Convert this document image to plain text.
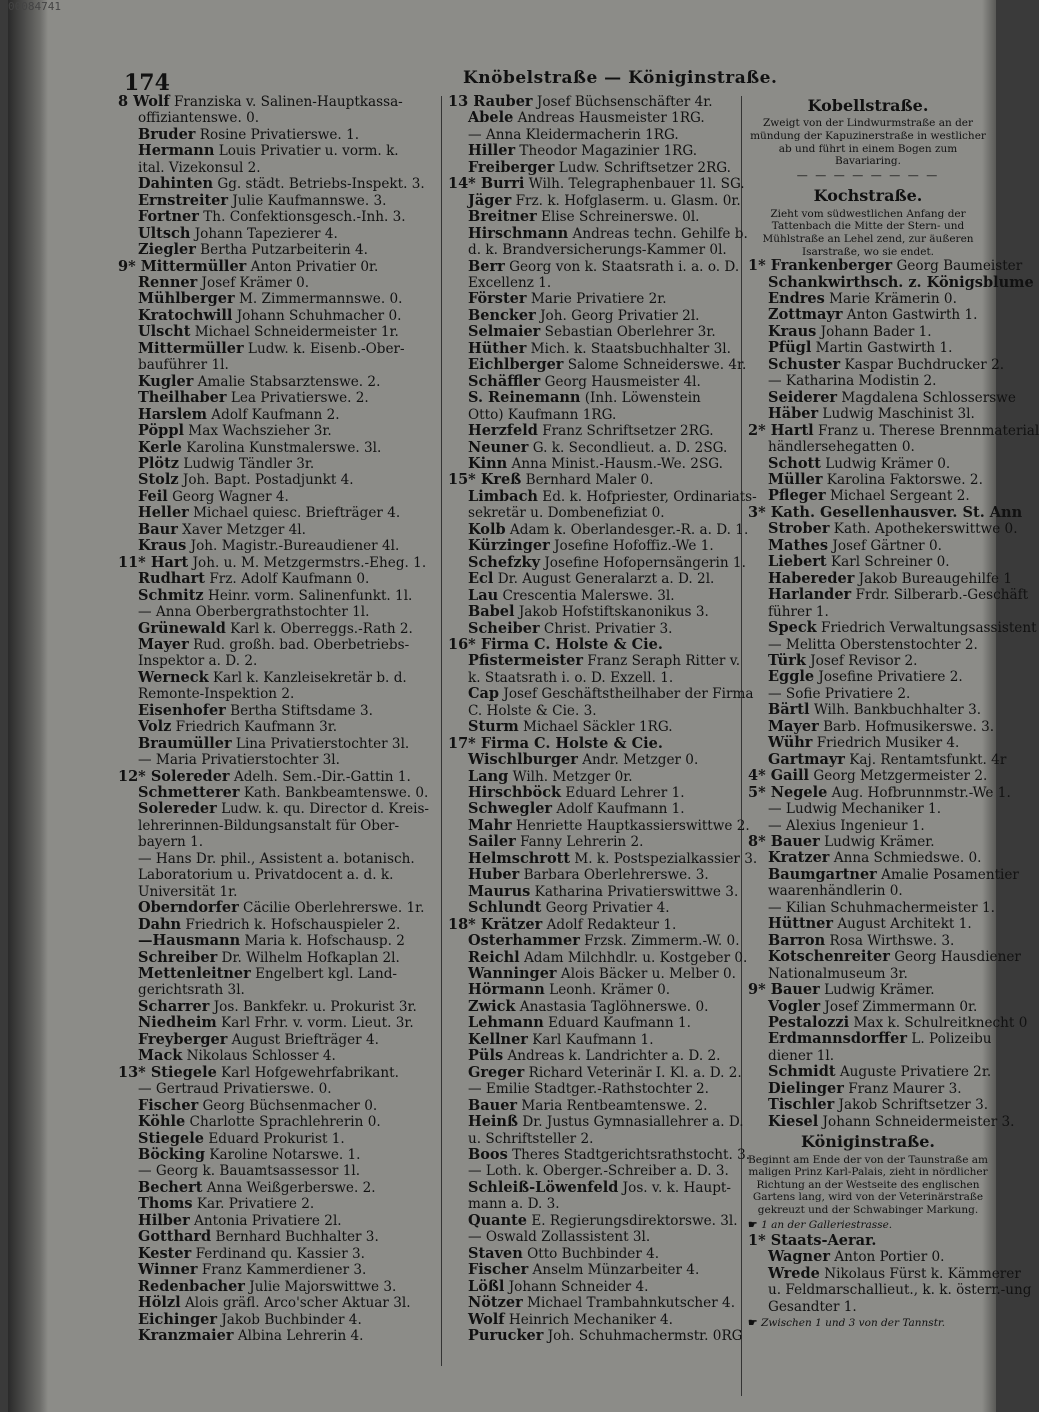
00084741
174	Knöbelstraße — Königinstraße.
8 Wolf Franziska v. Salinen-Hauptkassa-
offiziantenswe. 0.
Bruder Rosine Privatierswe. 1.
Hermann Louis Privatier u. vorm. k.
ital. Vizekonsul 2.
Dahinten Gg. städt. Betriebs-Inspekt. 3.
Ernstreiter Julie Kaufmannswe. 3.
Fortner Th. Confektionsgesch.-Inh. 3.
Ultsch Johann Tapezierer 4.
Ziegler Bertha Putzarbeiterin 4.
9* Mittermüller Anton Privatier 0r.
Renner Josef Krämer 0.
Mühlberger M. Zimmermannswe. 0.
Kratochwill Johann Schuhmacher 0.
Ulscht Michael Schneidermeister 1r.
Mittermüller Ludw. k. Eisenb.-Ober-
bauführer 1l.
Kugler Amalie Stabsarztenswe. 2.
Theilhaber Lea Privatierswe. 2.
Harslem Adolf Kaufmann 2.
Pöppl Max Wachszieher 3r.
Kerle Karolina Kunstmalerswe. 3l.
Plötz Ludwig Tändler 3r.
Stolz Joh. Bapt. Postadjunkt 4.
Feil Georg Wagner 4.
Heller Michael quiesc. Briefträger 4.
Baur Xaver Metzger 4l.
Kraus Joh. Magistr.-Bureaudiener 4l.
11* Hart Joh. u. M. Metzgermstrs.-Eheg. 1.
Rudhart Frz. Adolf Kaufmann 0.
Schmitz Heinr. vorm. Salinenfunkt. 1l.
— Anna Oberbergrathstochter 1l.
Grünewald Karl k. Oberreggs.-Rath 2.
Mayer Rud. großh. bad. Oberbetriebs-
Inspektor a. D. 2.
Werneck Karl k. Kanzleisekretär b. d.
Remonte-Inspektion 2.
Eisenhofer Bertha Stiftsdame 3.
Volz Friedrich Kaufmann 3r.
Braumüller Lina Privatierstochter 3l.
— Maria Privatierstochter 3l.
12* Solereder Adelh. Sem.-Dir.-Gattin 1.
Schmetterer Kath. Bankbeamtenswe. 0.
Solereder Ludw. k. qu. Director d. Kreis-
lehrerinnen-Bildungsanstalt für Ober-
bayern 1.
— Hans Dr. phil., Assistent a. botanisch.
Laboratorium u. Privatdocent a. d. k.
Universität 1r.
Oberndorfer Cäcilie Oberlehrerswe. 1r.
Dahn Friedrich k. Hofschauspieler 2.
—Hausmann Maria k. Hofschausp. 2
Schreiber Dr. Wilhelm Hofkaplan 2l.
Mettenleitner Engelbert kgl. Land-
gerichtsrath 3l.
Scharrer Jos. Bankfekr. u. Prokurist 3r.
Niedheim Karl Frhr. v. vorm. Lieut. 3r.
Freyberger August Briefträger 4.
Mack Nikolaus Schlosser 4.
13* Stiegele Karl Hofgewehrfabrikant.
— Gertraud Privatierswe. 0.
Fischer Georg Büchsenmacher 0.
Köhle Charlotte Sprachlehrerin 0.
Stiegele Eduard Prokurist 1.
Böcking Karoline Notarswe. 1.
— Georg k. Bauamtsassessor 1l.
Bechert Anna Weißgerberswe. 2.
Thoms Kar. Privatiere 2.
Hilber Antonia Privatiere 2l.
Gotthard Bernhard Buchhalter 3.
Kester Ferdinand qu. Kassier 3.
Winner Franz Kammerdiener 3.
Redenbacher Julie Majorswittwe 3.
Hölzl Alois gräfl. Arco'scher Aktuar 3l.
Eichinger Jakob Buchbinder 4.
Kranzmaier Albina Lehrerin 4.
13 Rauber Josef Büchsenschäfter 4r.
Abele Andreas Hausmeister 1RG.
— Anna Kleidermacherin 1RG.
Hiller Theodor Magazinier 1RG.
Freiberger Ludw. Schriftsetzer 2RG.
14* Burri Wilh. Telegraphenbauer 1l. SG.
Jäger Frz. k. Hofglaserm. u. Glasm. 0r.
Breitner Elise Schreinerswe. 0l.
Hirschmann Andreas techn. Gehilfe b.
d. k. Brandversicherungs-Kammer 0l.
Berr Georg von k. Staatsrath i. a. o. D.
Excellenz 1.
Förster Marie Privatiere 2r.
Bencker Joh. Georg Privatier 2l.
Selmaier Sebastian Oberlehrer 3r.
Hüther Mich. k. Staatsbuchhalter 3l.
Eichlberger Salome Schneiderswe. 4r.
Schäffler Georg Hausmeister 4l.
S. Reinemann (Inh. Löwenstein
Otto) Kaufmann 1RG.
Herzfeld Franz Schriftsetzer 2RG.
Neuner G. k. Secondlieut. a. D. 2SG.
Kinn Anna Minist.-Hausm.-We. 2SG.
15* Kreß Bernhard Maler 0.
Limbach Ed. k. Hofpriester, Ordinariats-
sekretär u. Dombenefiziat 0.
Kolb Adam k. Oberlandesger.-R. a. D. 1.
Kürzinger Josefine Hofoffiz.-We 1.
Schefzky Josefine Hofopernsängerin 1.
Ecl Dr. August Generalarzt a. D. 2l.
Lau Crescentia Malerswe. 3l.
Babel Jakob Hofstiftskanonikus 3.
Scheiber Christ. Privatier 3.
16* Firma C. Holste & Cie.
Pfistermeister Franz Seraph Ritter v.
k. Staatsrath i. o. D. Exzell. 1.
Cap Josef Geschäftstheilhaber der Firma
C. Holste & Cie. 3.
Sturm Michael Säckler 1RG.
17* Firma C. Holste & Cie.
Wischlburger Andr. Metzger 0.
Lang Wilh. Metzger 0r.
Hirschböck Eduard Lehrer 1.
Schwegler Adolf Kaufmann 1.
Mahr Henriette Hauptkassierswittwe 2.
Sailer Fanny Lehrerin 2.
Helmschrott M. k. Postspezialkassier 3.
Huber Barbara Oberlehrerswe. 3.
Maurus Katharina Privatierswittwe 3.
Schlundt Georg Privatier 4.
18* Krätzer Adolf Redakteur 1.
Osterhammer Frzsk. Zimmerm.-W. 0.
Reichl Adam Milchhdlr. u. Kostgeber 0.
Wanninger Alois Bäcker u. Melber 0.
Hörmann Leonh. Krämer 0.
Zwick Anastasia Taglöhnerswe. 0.
Lehmann Eduard Kaufmann 1.
Kellner Karl Kaufmann 1.
Püls Andreas k. Landrichter a. D. 2.
Greger Richard Veterinär I. Kl. a. D. 2.
— Emilie Stadtger.-Rathstochter 2.
Bauer Maria Rentbeamtenswe. 2.
Heinß Dr. Justus Gymnasiallehrer a. D.
u. Schriftsteller 2.
Boos Theres Stadtgerichtsrathstocht. 3.
— Loth. k. Oberger.-Schreiber a. D. 3.
Schleiß-Löwenfeld Jos. v. k. Haupt-
mann a. D. 3.
Quante E. Regierungsdirektorswe. 3l.
— Oswald Zollassistent 3l.
Staven Otto Buchbinder 4.
Fischer Anselm Münzarbeiter 4.
Lößl Johann Schneider 4.
Nötzer Michael Trambahnkutscher 4.
Wolf Heinrich Mechaniker 4.
Purucker Joh. Schuhmachermstr. 0RG
Kobellstraße.
Zweigt von der Lindwurmstraße an der mündung der Kapuzinerstraße in westlicher ab und führt in einem Bogen zum Bavariaring.
— — — — — — — —
Kochstraße.
Zieht vom südwestlichen Anfang der Tattenbach die Mitte der Stern- und Mühlstraße an Lehel zend, zur äußeren Isarstraße, wo sie endet.
1* Frankenberger Georg Baumeister
Schankwirthsch. z. Königsblume
Endres Marie Krämerin 0.
Zottmayr Anton Gastwirth 1.
Kraus Johann Bader 1.
Pfügl Martin Gastwirth 1.
Schuster Kaspar Buchdrucker 2.
— Katharina Modistin 2.
Seiderer Magdalena Schlosserswe
Häber Ludwig Maschinist 3l.
2* Hartl Franz u. Therese Brennmaterial
händlersehegatten 0.
Schott Ludwig Krämer 0.
Müller Karolina Faktorswe. 2.
Pfleger Michael Sergeant 2.
3* Kath. Gesellenhausver. St. Ann
Strober Kath. Apothekerswittwe 0.
Mathes Josef Gärtner 0.
Liebert Karl Schreiner 0.
Habereder Jakob Bureaugehilfe 1
Harlander Frdr. Silberarb.-Geschäft
führer 1.
Speck Friedrich Verwaltungsassistent
— Melitta Oberstenstochter 2.
Türk Josef Revisor 2.
Eggle Josefine Privatiere 2.
— Sofie Privatiere 2.
Bärtl Wilh. Bankbuchhalter 3.
Mayer Barb. Hofmusikerswe. 3.
Wühr Friedrich Musiker 4.
Gartmayr Kaj. Rentamtsfunkt. 4r
4* Gaill Georg Metzgermeister 2.
5* Negele Aug. Hofbrunnmstr.-We 1.
— Ludwig Mechaniker 1.
— Alexius Ingenieur 1.
8* Bauer Ludwig Krämer.
Kratzer Anna Schmiedswe. 0.
Baumgartner Amalie Posamentier
waarenhändlerin 0.
— Kilian Schuhmachermeister 1.
Hüttner August Architekt 1.
Barron Rosa Wirthswe. 3.
Kotschenreiter Georg Hausdiener
Nationalmuseum 3r.
9* Bauer Ludwig Krämer.
Vogler Josef Zimmermann 0r.
Pestalozzi Max k. Schulreitknecht 0
Erdmannsdorffer L. Polizeibu
diener 1l.
Schmidt Auguste Privatiere 2r.
Dielinger Franz Maurer 3.
Tischler Jakob Schriftsetzer 3.
Kiesel Johann Schneidermeister 3.
Königinstraße.
Beginnt am Ende der von der Taunstraße am maligen Prinz Karl-Palais, zieht in nördlicher Richtung an der Westseite des englischen Gartens lang, wird von der Veterinärstraße gekreuzt und der Schwabinger Markung.
☛ 1 an der Galleriestrasse.
1* Staats-Aerar.
Wagner Anton Portier 0.
Wrede Nikolaus Fürst k. Kämmerer
u. Feldmarschallieut., k. k. österr.-ung
Gesandter 1.
☛ Zwischen 1 und 3 von der Tannstr.
